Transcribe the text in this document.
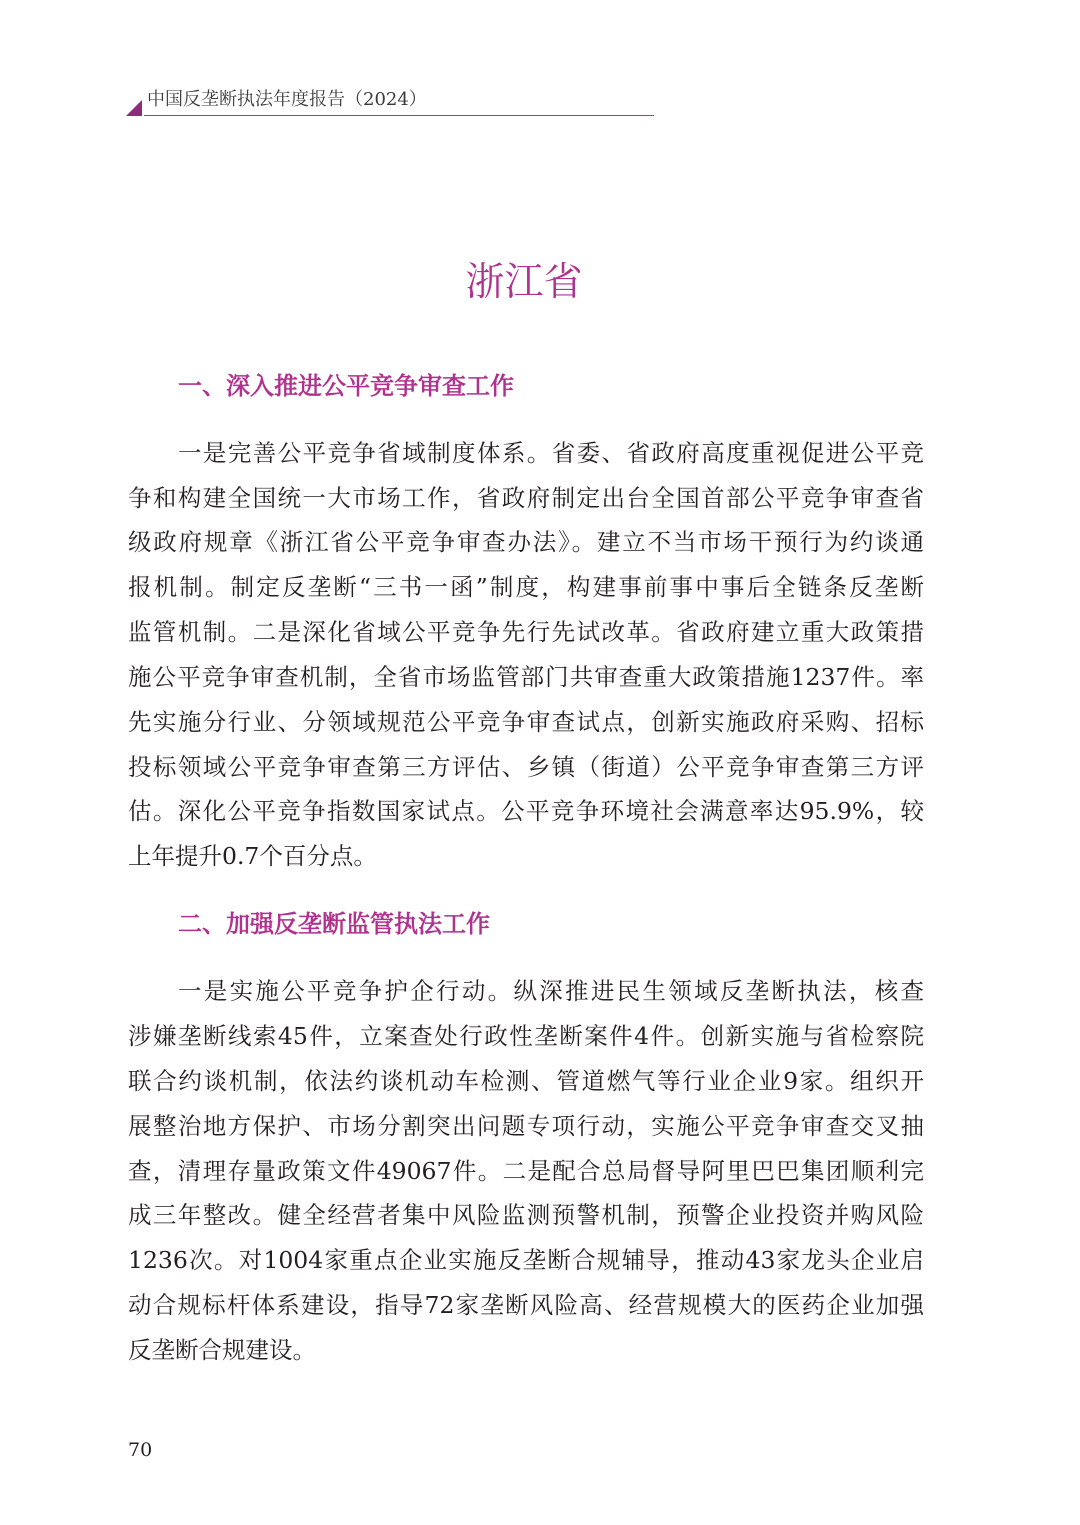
中国反垄断执法年度报告（2024）
浙江省
一、深入推进公平竞争审查工作

一是完善公平竞争省域制度体系。省委、省政府高度重视促进公平竞

争和构建全国统一大市场工作，省政府制定出台全国首部公平竞争审查省

级政府规章《浙江省公平竞争审查办法》。建立不当市场干预行为约谈通

报机制。制定反垄断“三书一函”制度，构建事前事中事后全链条反垄断

监管机制。二是深化省域公平竞争先行先试改革。省政府建立重大政策措

施公平竞争审查机制，全省市场监管部门共审查重大政策措施1237件。率

先实施分行业、分领域规范公平竞争审查试点，创新实施政府采购、招标

投标领域公平竞争审查第三方评估、乡镇（街道）公平竞争审查第三方评

估。深化公平竞争指数国家试点。公平竞争环境社会满意率达95.9%，较

上年提升0.7个百分点。

二、加强反垄断监管执法工作

一是实施公平竞争护企行动。纵深推进民生领域反垄断执法，核查

涉嫌垄断线索45件，立案查处行政性垄断案件4件。创新实施与省检察院

联合约谈机制，依法约谈机动车检测、管道燃气等行业企业9家。组织开

展整治地方保护、市场分割突出问题专项行动，实施公平竞争审查交叉抽

查，清理存量政策文件49067件。二是配合总局督导阿里巴巴集团顺利完

成三年整改。健全经营者集中风险监测预警机制，预警企业投资并购风险

1236次。对1004家重点企业实施反垄断合规辅导，推动43家龙头企业启

动合规标杆体系建设，指导72家垄断风险高、经营规模大的医药企业加强

反垄断合规建设。

70
